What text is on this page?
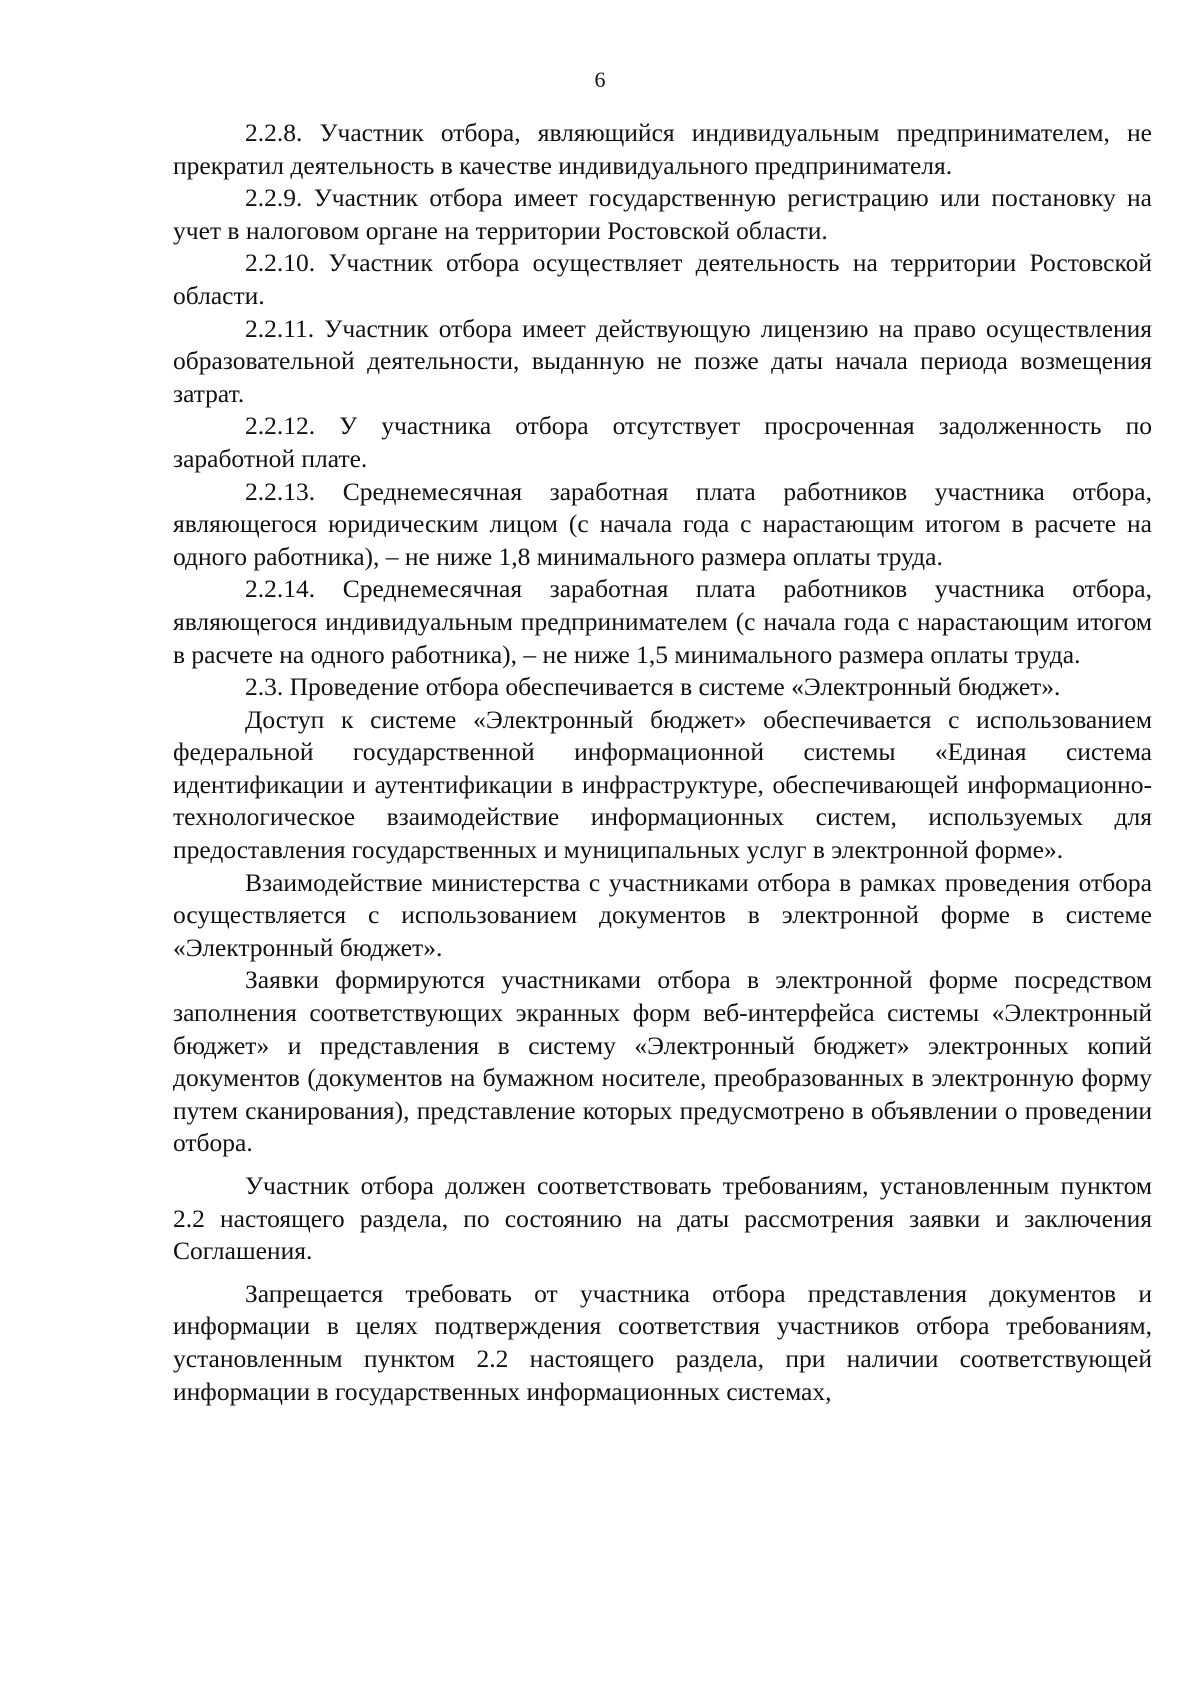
6

2.2.8. Участник отбора, являющийся индивидуальным предпринимателем, не прекратил деятельность в качестве индивидуального предпринимателя.

2.2.9. Участник отбора имеет государственную регистрацию или постановку на учет в налоговом органе на территории Ростовской области.

2.2.10. Участник отбора осуществляет деятельность на территории Ростовской области.

2.2.11. Участник отбора имеет действующую лицензию на право осуществления образовательной деятельности, выданную не позже даты начала периода возмещения затрат.

2.2.12. У участника отбора отсутствует просроченная задолженность по заработной плате.

2.2.13. Среднемесячная заработная плата работников участника отбора, являющегося юридическим лицом (с начала года с нарастающим итогом в расчете на одного работника), – не ниже 1,8 минимального размера оплаты труда.

2.2.14. Среднемесячная заработная плата работников участника отбора, являющегося индивидуальным предпринимателем (с начала года с нарастающим итогом в расчете на одного работника), – не ниже 1,5 минимального размера оплаты труда.

2.3. Проведение отбора обеспечивается в системе «Электронный бюджет».

Доступ к системе «Электронный бюджет» обеспечивается с использованием федеральной государственной информационной системы «Единая система идентификации и аутентификации в инфраструктуре, обеспечивающей информационно-технологическое взаимодействие информационных систем, используемых для предоставления государственных и муниципальных услуг в электронной форме».

Взаимодействие министерства с участниками отбора в рамках проведения отбора осуществляется с использованием документов в электронной форме в системе «Электронный бюджет».

Заявки формируются участниками отбора в электронной форме посредством заполнения соответствующих экранных форм веб-интерфейса системы «Электронный бюджет» и представления в систему «Электронный бюджет» электронных копий документов (документов на бумажном носителе, преобразованных в электронную форму путем сканирования), представление которых предусмотрено в объявлении о проведении отбора.

Участник отбора должен соответствовать требованиям, установленным пунктом 2.2 настоящего раздела, по состоянию на даты рассмотрения заявки и заключения Соглашения.

Запрещается требовать от участника отбора представления документов и информации в целях подтверждения соответствия участников отбора требованиям, установленным пунктом 2.2 настоящего раздела, при наличии соответствующей информации в государственных информационных системах,
